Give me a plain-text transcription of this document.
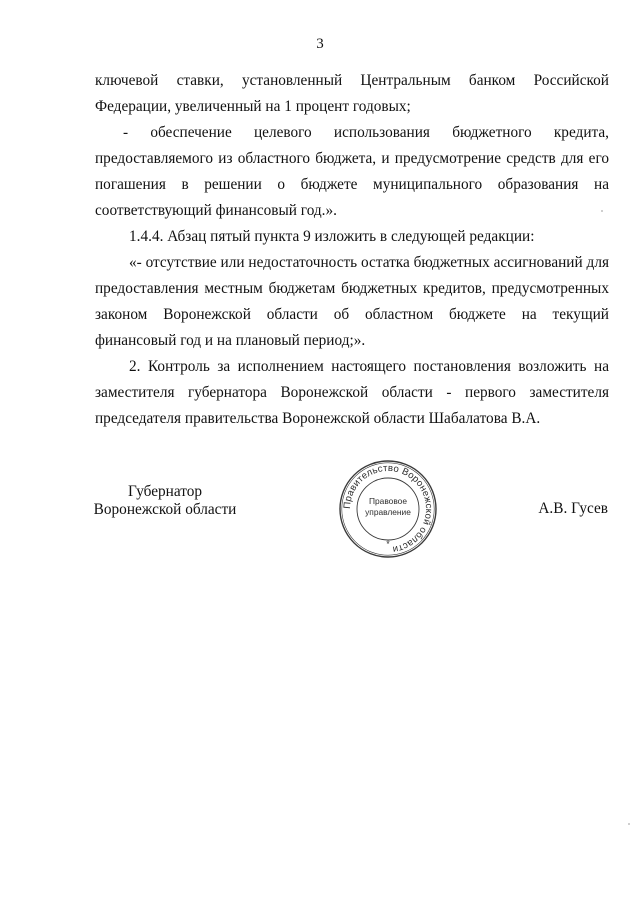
3

ключевой ставки, установленный Центральным банком Российской Федерации, увеличенный на 1 процент годовых;

- обеспечение целевого использования бюджетного кредита, предоставляемого из областного бюджета, и предусмотрение средств для его погашения в решении о бюджете муниципального образования на соответствующий финансовый год.».

1.4.4. Абзац пятый пункта 9 изложить в следующей редакции:

«- отсутствие или недостаточность остатка бюджетных ассигнований для предоставления местным бюджетам бюджетных кредитов, предусмотренных законом Воронежской области об областном бюджете на текущий финансовый год и на плановый период;».

2. Контроль за исполнением настоящего постановления возложить на заместителя губернатора Воронежской области - первого заместителя председателя правительства Воронежской области Шабалатова В.А.

Губернатор
Воронежской области	Правительство Воронежской области
Правовое
управление
*
А.В. Гусев
